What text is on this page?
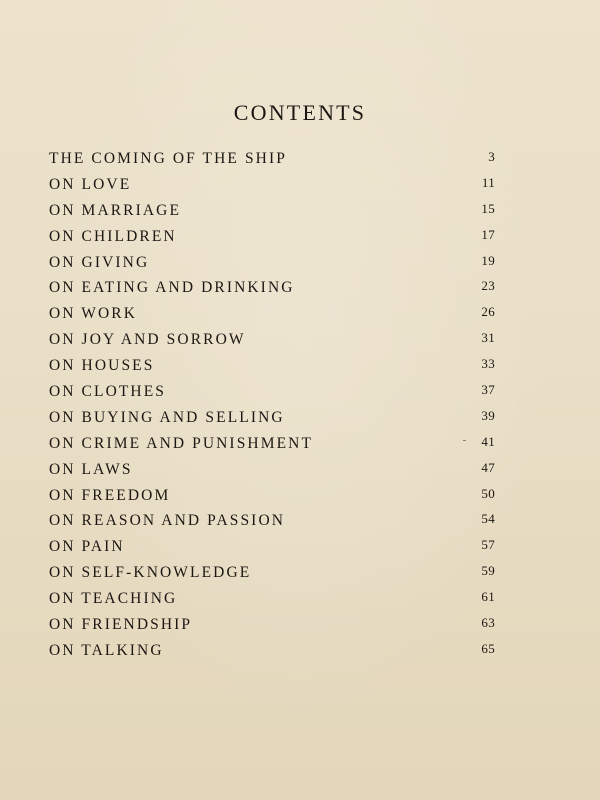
CONTENTS
THE COMING OF THE SHIP	3
ON LOVE	11
ON MARRIAGE	15
ON CHILDREN	17
ON GIVING	19
ON EATING AND DRINKING	23
ON WORK	26
ON JOY AND SORROW	31
ON HOUSES	33
ON CLOTHES	37
ON BUYING AND SELLING	39
ON CRIME AND PUNISHMENT	41
ON LAWS	47
ON FREEDOM	50
ON REASON AND PASSION	54
ON PAIN	57
ON SELF-KNOWLEDGE	59
ON TEACHING	61
ON FRIENDSHIP	63
ON TALKING	65
